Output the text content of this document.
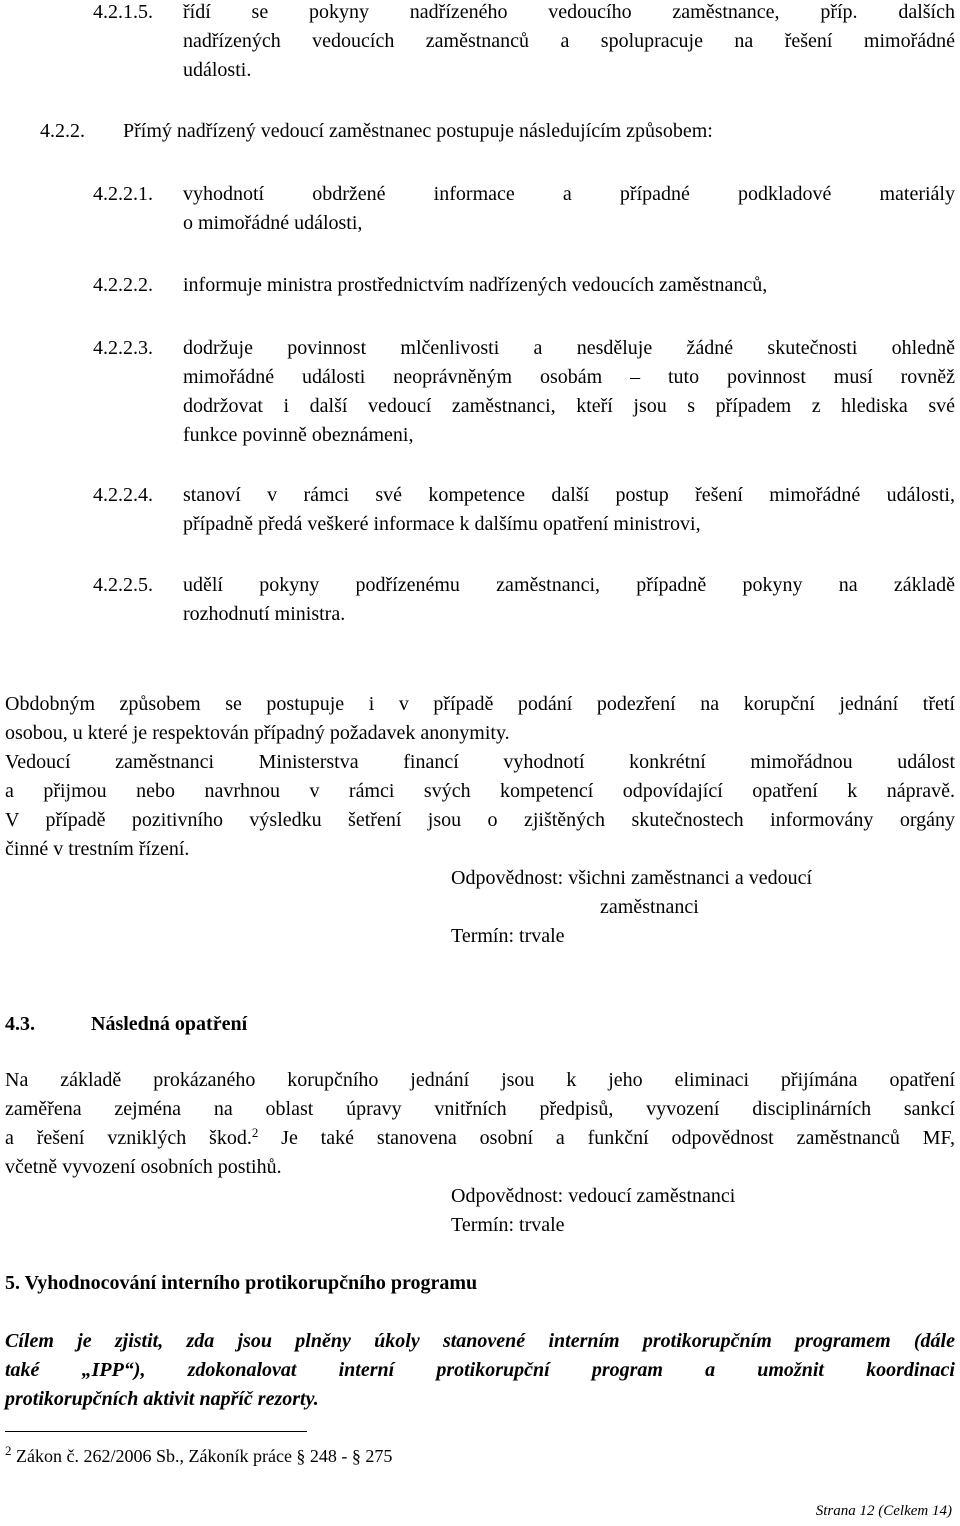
4.2.1.5. řídí se pokyny nadřízeného vedoucího zaměstnance, příp. dalších
nadřízených vedoucích zaměstnanců a spolupracuje na řešení mimořádné
události.
4.2.2. Přímý nadřízený vedoucí zaměstnanec postupuje následujícím způsobem:
4.2.2.1. vyhodnotí obdržené informace a případné podkladové materiály
o mimořádné události,
4.2.2.2. informuje ministra prostřednictvím nadřízených vedoucích zaměstnanců,
4.2.2.3. dodržuje povinnost mlčenlivosti a nesděluje žádné skutečnosti ohledně
mimořádné události neoprávněným osobám – tuto povinnost musí rovněž
dodržovat i další vedoucí zaměstnanci, kteří jsou s případem z hlediska své
funkce povinně obeznámeni,
4.2.2.4. stanoví v rámci své kompetence další postup řešení mimořádné události,
případně předá veškeré informace k dalšímu opatření ministrovi,
4.2.2.5. udělí pokyny podřízenému zaměstnanci, případně pokyny na základě
rozhodnutí ministra.
Obdobným způsobem se postupuje i v případě podání podezření na korupční jednání třetí
osobou, u které je respektován případný požadavek anonymity.
Vedoucí zaměstnanci Ministerstva financí vyhodnotí konkrétní mimořádnou událost
a přijmou nebo navrhnou v rámci svých kompetencí odpovídající opatření k nápravě.
V případě pozitivního výsledku šetření jsou o zjištěných skutečnostech informovány orgány
činné v trestním řízení.
Odpovědnost: všichni zaměstnanci a vedoucí
zaměstnanci
Termín: trvale
4.3.	Následná opatření
Na základě prokázaného korupčního jednání jsou k jeho eliminaci přijímána opatření
zaměřena zejména na oblast úpravy vnitřních předpisů, vyvození disciplinárních sankcí
a řešení vzniklých škod.$^2$ Je také stanovena osobní a funkční odpovědnost zaměstnanců MF,
včetně vyvození osobních postihů.
Odpovědnost: vedoucí zaměstnanci
Termín: trvale
5. Vyhodnocování interního protikorupčního programu
Cílem je zjistit, zda jsou plněny úkoly stanovené interním protikorupčním programem (dále
také „IPP“), zdokonalovat interní protikorupční program a umožnit koordinaci
protikorupčních aktivit napříč rezorty.
$^2$ Zákon č. 262/2006 Sb., Zákoník práce § 248 - § 275
Strana 12 (Celkem 14)
